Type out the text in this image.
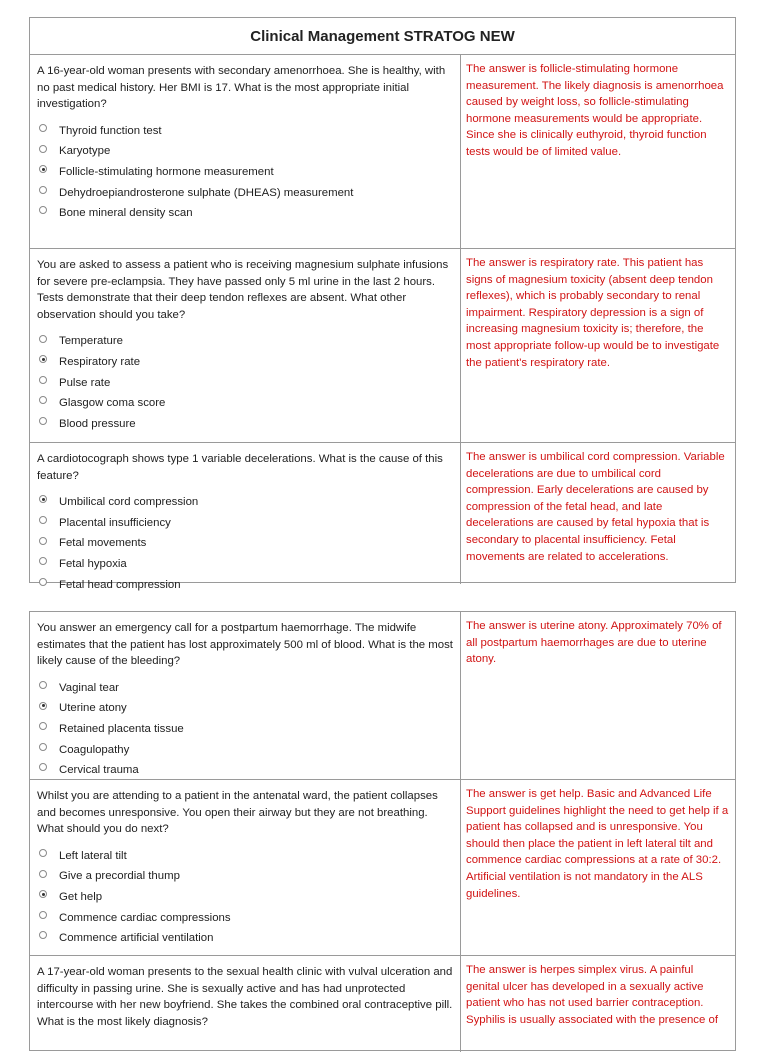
Clinical Management STRATOG NEW
A 16-year-old woman presents with secondary amenorrhoea. She is healthy, with no past medical history. Her BMI is 17. What is the most appropriate initial investigation?
Thyroid function test
Karyotype
Follicle-stimulating hormone measurement
Dehydroepiandrosterone sulphate (DHEAS) measurement
Bone mineral density scan
The answer is follicle-stimulating hormone measurement. The likely diagnosis is amenorrhoea caused by weight loss, so follicle-stimulating hormone measurements would be appropriate. Since she is clinically euthyroid, thyroid function tests would be of limited value.
You are asked to assess a patient who is receiving magnesium sulphate infusions for severe pre-eclampsia. They have passed only 5 ml urine in the last 2 hours. Tests demonstrate that their deep tendon reflexes are absent. What other observation should you take?
Temperature
Respiratory rate
Pulse rate
Glasgow coma score
Blood pressure
The answer is respiratory rate. This patient has signs of magnesium toxicity (absent deep tendon reflexes), which is probably secondary to renal impairment. Respiratory depression is a sign of increasing magnesium toxicity is; therefore, the most appropriate follow-up would be to investigate the patient's respiratory rate.
A cardiotocograph shows type 1 variable decelerations. What is the cause of this feature?
Umbilical cord compression
Placental insufficiency
Fetal movements
Fetal hypoxia
Fetal head compression
The answer is umbilical cord compression. Variable decelerations are due to umbilical cord compression. Early decelerations are caused by compression of the fetal head, and late decelerations are caused by fetal hypoxia that is secondary to placental insufficiency. Fetal movements are related to accelerations.
You answer an emergency call for a postpartum haemorrhage. The midwife estimates that the patient has lost approximately 500 ml of blood. What is the most likely cause of the bleeding?
Vaginal tear
Uterine atony
Retained placenta tissue
Coagulopathy
Cervical trauma
The answer is uterine atony. Approximately 70% of all postpartum haemorrhages are due to uterine atony.
Whilst you are attending to a patient in the antenatal ward, the patient collapses and becomes unresponsive. You open their airway but they are not breathing. What should you do next?
Left lateral tilt
Give a precordial thump
Get help
Commence cardiac compressions
Commence artificial ventilation
The answer is get help. Basic and Advanced Life Support guidelines highlight the need to get help if a patient has collapsed and is unresponsive. You should then place the patient in left lateral tilt and commence cardiac compressions at a rate of 30:2. Artificial ventilation is not mandatory in the ALS guidelines.
A 17-year-old woman presents to the sexual health clinic with vulval ulceration and difficulty in passing urine. She is sexually active and has had unprotected intercourse with her new boyfriend. She takes the combined oral contraceptive pill. What is the most likely diagnosis?
The answer is herpes simplex virus. A painful genital ulcer has developed in a sexually active patient who has not used barrier contraception. Syphilis is usually associated with the presence of
